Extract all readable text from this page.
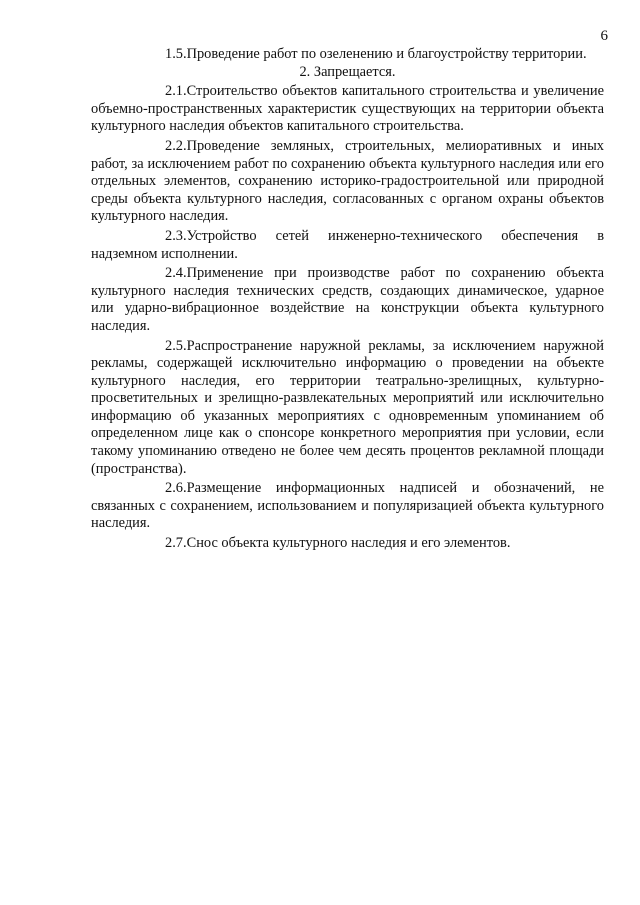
6

1.5.Проведение работ по озеленению и благоустройству территории.

2. Запрещается.

2.1.Строительство объектов капитального строительства и увеличение объемно-пространственных характеристик существующих на территории объекта культурного наследия объектов капитального строительства.

2.2.Проведение земляных, строительных, мелиоративных и иных работ, за исключением работ по сохранению объекта культурного наследия или его отдельных элементов, сохранению историко-градостроительной или природной среды объекта культурного наследия, согласованных с органом охраны объектов культурного наследия.

2.3.Устройство сетей инженерно-технического обеспечения в надземном исполнении.

2.4.Применение при производстве работ по сохранению объекта культурного наследия технических средств, создающих динамическое, ударное или ударно-вибрационное воздействие на конструкции объекта культурного наследия.

2.5.Распространение наружной рекламы, за исключением наружной рекламы, содержащей исключительно информацию о проведении на объекте культурного наследия, его территории театрально-зрелищных, культурно-просветительных и зрелищно-развлекательных мероприятий или исключительно информацию об указанных мероприятиях с одновременным упоминанием об определенном лице как о спонсоре конкретного мероприятия при условии, если такому упоминанию отведено не более чем десять процентов рекламной площади (пространства).

2.6.Размещение информационных надписей и обозначений, не связанных с сохранением, использованием и популяризацией объекта культурного наследия.

2.7.Снос объекта культурного наследия и его элементов.
